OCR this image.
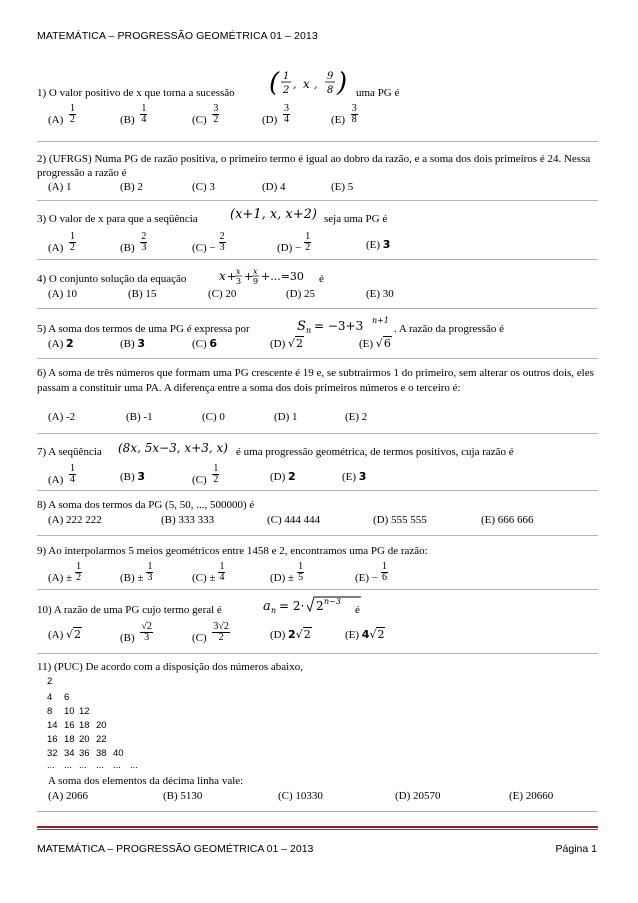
MATEMÁTICA – PROGRESSÃO GEOMÉTRICA 01 – 2013
1) O valor positivo de x que torna a sucessão ( 1
2 , x ,
9
8 ) uma PG é
$(A) \frac{1}{2}$	$(B) \frac{1}{4}$	$(C) \frac{3}{2}$	$(D) \frac{3}{4}$	$(E) \frac{3}{8}$
2) (UFRGS) Numa PG de razão positiva, o primeiro termo é igual ao dobro da razão, e a soma dos dois primeiros é 24. Nessa progressão a razão é
(A) 1	(B) 2	(C) 3	(D) 4	(E) 5
3) O valor de x para que a seqüência (x+1, x, x+2) seja uma PG é
$(A) \frac{1}{2}$	$(B) \frac{2}{3}$	$(C) - \frac{2}{3}$	$(D) - \frac{1}{2}$	(E) 3
4) O conjunto solução da equação	x + x
3 + x
9 +...=30 é
(A) 10	(B) 15	(C) 20	(D) 25	(E) 30
5) A soma dos termos de uma PG é expressa por	S n = −3+3 n+1
. A razão da progressão é
(A) 2	(B) 3	(C) 6	(D) √2	(E) √6
6) A soma de três números que formam uma PG crescente é 19 e, se subtrairmos 1 do primeiro, sem alterar os outros dois, eles passam a constituir uma PA. A diferença entre a soma dos dois primeiros números e o terceiro é:
(A) -2	(B) -1	(C) 0	(D) 1	(E) 2
7) A seqüência (8x, 5x−3, x+3, x) é uma progressão geométrica, de termos positivos, cuja razão é
$(A) \frac{1}{4}$	(B) 3	$(C) \frac{1}{2}$	(D) 2	(E) 3
8) A soma dos termos da PG (5, 50, ..., 500000) é
(A) 222 222	(B) 333 333	(C) 444 444	(D) 555 555	(E) 666 666
9) Ao interpolarmos 5 meios geométricos entre 1458 e 2, encontramos uma PG de razão:
$(A) \pm \frac{1}{2}$	$(B) \pm \frac{1}{3}$	$(C) \pm \frac{1}{4}$	$(D) \pm \frac{1}{5}$	$(E) - \frac{1}{6}$
10) A razão de uma PG cujo termo geral é	a n = 2· 2 n−3
é
(A) √2	$(B) \frac{√2}{3}$	$(C) \frac{3√2}{2}$	(D) 2√2	(E) 4√2
11) (PUC) De acordo com a disposição dos números abaixo,
2
4 6
8 10 12
14 16 18 20
16 18 20 22
32 34 36 38 40
... ... ... ... ... ...
A soma dos elementos da décima linha vale:
(A) 2066	(B) 5130	(C) 10330	(D) 20570	(E) 20660
MATEMÁTICA – PROGRESSÃO GEOMÉTRICA 01 – 2013	Página 1
